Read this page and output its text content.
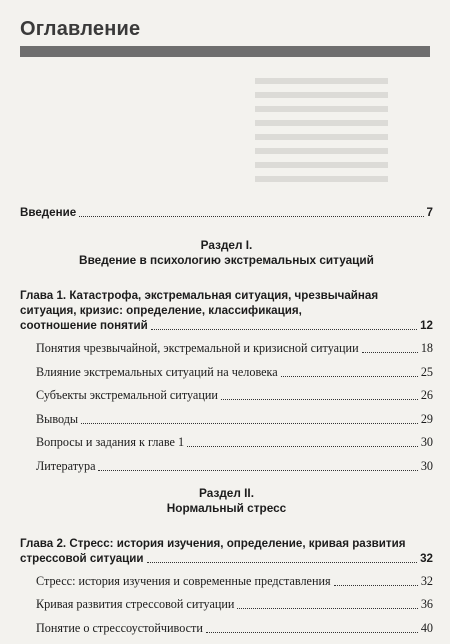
Оглавление
Введение	7
Раздел I.
Введение в психологию экстремальных ситуаций
Глава 1. Катастрофа, экстремальная ситуация, чрезвычайная
ситуация, кризис: определение, классификация,
соотношение понятий	12
Понятия чрезвычайной, экстремальной и кризисной ситуации	18
Влияние экстремальных ситуаций на человека	25
Субъекты экстремальной ситуации	26
Выводы	29
Вопросы и задания к главе 1	30
Литература	30
Раздел II.
Нормальный стресс
Глава 2. Стресс: история изучения, определение, кривая развития
стрессовой ситуации	32
Стресс: история изучения и современные представления	32
Кривая развития стрессовой ситуации	36
Понятие о стрессоустойчивости	40
